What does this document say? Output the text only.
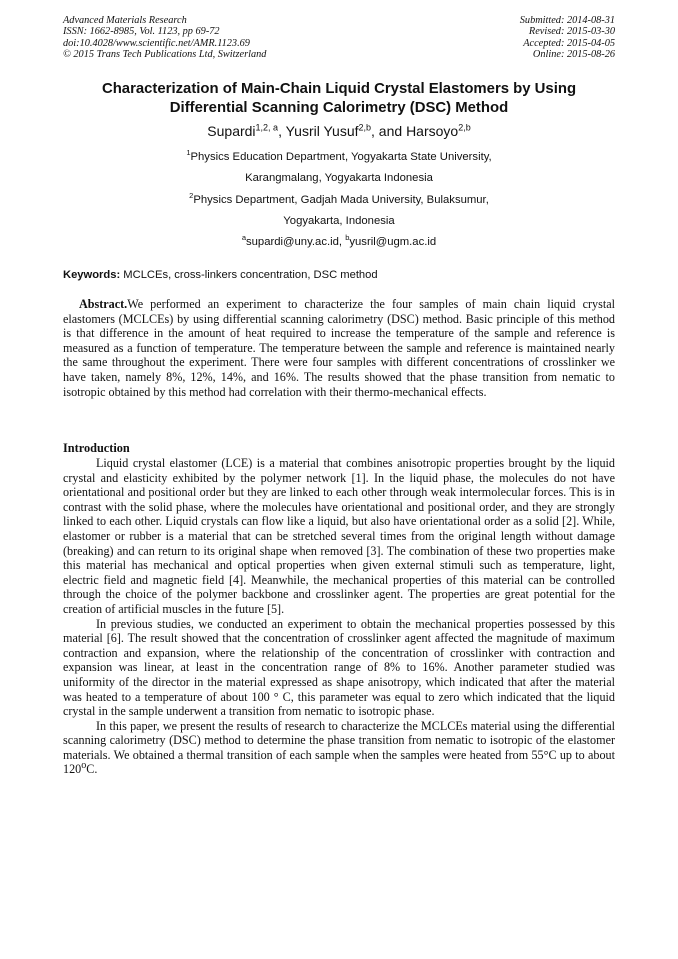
Advanced Materials Research
ISSN: 1662-8985, Vol. 1123, pp 69-72
doi:10.4028/www.scientific.net/AMR.1123.69
© 2015 Trans Tech Publications Ltd, Switzerland
Submitted: 2014-08-31
Revised: 2015-03-30
Accepted: 2015-04-05
Online: 2015-08-26
Characterization of Main-Chain Liquid Crystal Elastomers by Using
Differential Scanning Calorimetry (DSC) Method
Supardi$^{1,2, a}$, Yusril Yusuf$^{2,b}$, and Harsoyo$^{2,b}$
$^1$Physics Education Department, Yogyakarta State University,
Karangmalang, Yogyakarta Indonesia
$^2$Physics Department, Gadjah Mada University, Bulaksumur,
Yogyakarta, Indonesia
$^a$supardi@uny.ac.id, $^b$yusril@ugm.ac.id
Keywords: MCLCEs, cross-linkers concentration, DSC method
Abstract.We performed an experiment to characterize the four samples of main chain liquid crystal elastomers (MCLCEs) by using differential scanning calorimetry (DSC) method. Basic principle of this method is that difference in the amount of heat required to increase the temperature of the sample and reference is measured as a function of temperature. The temperature between the sample and reference is maintained nearly the same throughout the experiment. There were four samples with different concentrations of crosslinker we have taken, namely 8%, 12%, 14%, and 16%. The results showed that the phase transition from nematic to isotropic obtained by this method had correlation with their thermo-mechanical effects.
Introduction

Liquid crystal elastomer (LCE) is a material that combines anisotropic properties brought by the liquid crystal and elasticity exhibited by the polymer network [1]. In the liquid phase, the molecules do not have orientational and positional order but they are linked to each other through weak intermolecular forces. This is in contrast with the solid phase, where the molecules have orientational and positional order, and they are strongly linked to each other. Liquid crystals can flow like a liquid, but also have orientational order as a solid [2]. While, elastomer or rubber is a material that can be stretched several times from the original length without damage (breaking) and can return to its original shape when removed [3]. The combination of these two properties make this material has mechanical and optical properties when given external stimuli such as temperature, light, electric field and magnetic field [4]. Meanwhile, the mechanical properties of this material can be controlled through the choice of the polymer backbone and crosslinker agent. The properties are great potential for the creation of artificial muscles in the future [5].

In previous studies, we conducted an experiment to obtain the mechanical properties possessed by this material [6]. The result showed that the concentration of crosslinker agent affected the magnitude of maximum contraction and expansion, where the relationship of the concentration of crosslinker with contraction and expansion was linear, at least in the concentration range of 8% to 16%. Another parameter studied was uniformity of the director in the material expressed as shape anisotropy, which indicated that after the material was heated to a temperature of about 100 ° C, this parameter was equal to zero which indicated that the liquid crystal in the sample underwent a transition from nematic to isotropic phase.

In this paper, we present the results of research to characterize the MCLCEs material using the differential scanning calorimetry (DSC) method to determine the phase transition from nematic to isotropic of the elastomer materials. We obtained a thermal transition of each sample when the samples were heated from 55°C up to about 120$^o$C.
